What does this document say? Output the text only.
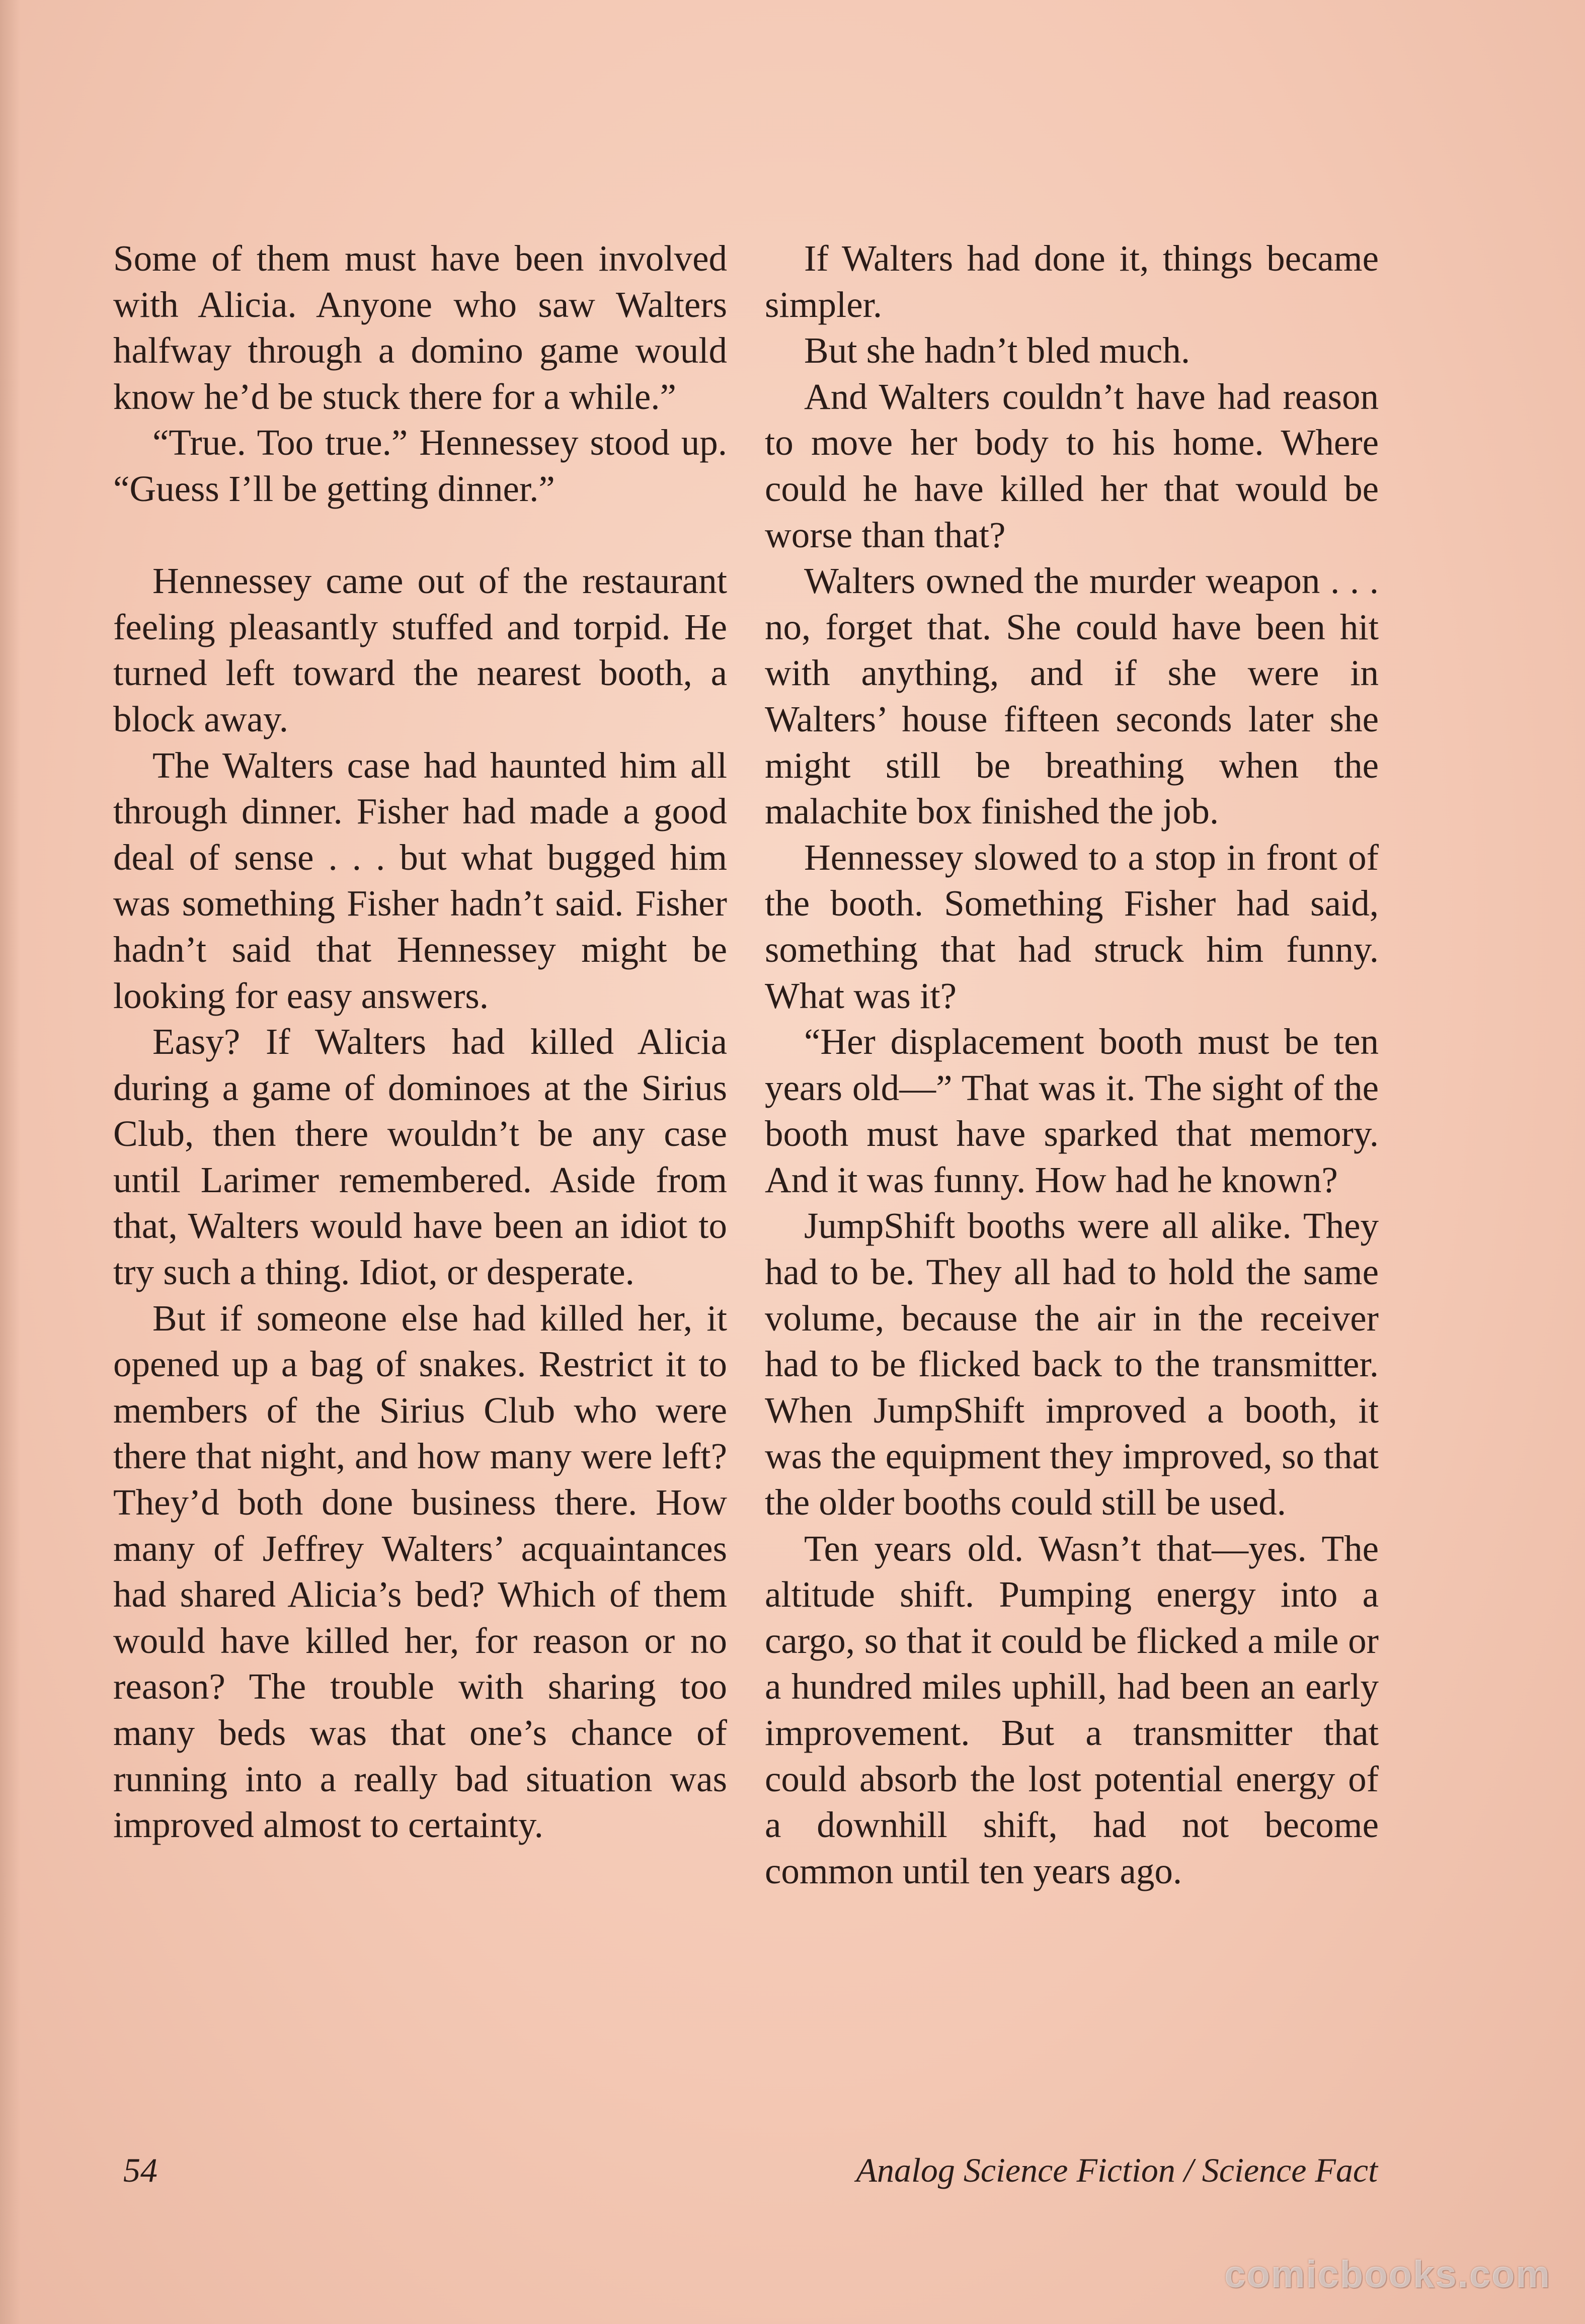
Some of them must have been involved with Alicia. Anyone who saw Walters halfway through a domino game would know he’d be stuck there for a while.”

“True. Too true.” Hennessey stood up. “Guess I’ll be getting dinner.”

Hennessey came out of the restaurant feeling pleasantly stuffed and torpid. He turned left toward the nearest booth, a block away.

The Walters case had haunted him all through dinner. Fisher had made a good deal of sense . . . but what bugged him was something Fisher hadn’t said. Fisher hadn’t said that Hennessey might be looking for easy answers.

Easy? If Walters had killed Alicia during a game of dominoes at the Sirius Club, then there wouldn’t be any case until Larimer remembered. Aside from that, Walters would have been an idiot to try such a thing. Idiot, or desperate.

But if someone else had killed her, it opened up a bag of snakes. Restrict it to members of the Sirius Club who were there that night, and how many were left? They’d both done business there. How many of Jeffrey Walters’ acquaintances had shared Alicia’s bed? Which of them would have killed her, for reason or no reason? The trouble with sharing too many beds was that one’s chance of running into a really bad situation was improved almost to certainty.

If Walters had done it, things became simpler.

But she hadn’t bled much.

And Walters couldn’t have had reason to move her body to his home. Where could he have killed her that would be worse than that?

Walters owned the murder weapon . . . no, forget that. She could have been hit with anything, and if she were in Walters’ house fifteen seconds later she might still be breathing when the malachite box finished the job.

Hennessey slowed to a stop in front of the booth. Something Fisher had said, something that had struck him funny. What was it?

“Her displacement booth must be ten years old—” That was it. The sight of the booth must have sparked that memory. And it was funny. How had he known?

JumpShift booths were all alike. They had to be. They all had to hold the same volume, because the air in the receiver had to be flicked back to the transmitter. When JumpShift improved a booth, it was the equipment they improved, so that the older booths could still be used.

Ten years old. Wasn’t that—yes. The altitude shift. Pumping energy into a cargo, so that it could be flicked a mile or a hundred miles uphill, had been an early improvement. But a transmitter that could absorb the lost potential energy of a downhill shift, had not become common until ten years ago.

54	Analog Science Fiction / Science Fact
comicbooks.com
